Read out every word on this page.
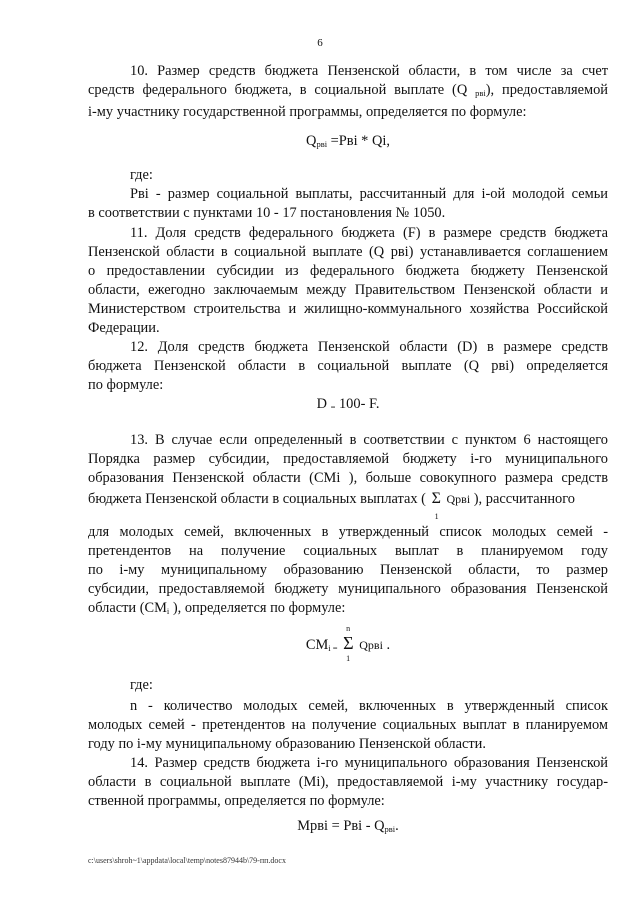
6

10. Размер средств бюджета Пензенской области, в том числе за счет

средств федерального бюджета, в социальной выплате (Q $_{рвi}$), предоставляемой

i-му участнику государственной программы, определяется по формуле:

$Q_{рвi} =Рвi * Qi$,

где:

Рвi - размер социальной выплаты, рассчитанный для i-ой молодой семьи

в соответствии с пунктами 10 - 17 постановления № 1050.

11. Доля средств федерального бюджета (F) в размере средств бюджета

Пензенской области в социальной выплате (Q рвi) устанавливается соглашением

о предоставлении субсидии из федерального бюджета бюджету Пензенской

области, ежегодно заключаемым между Правительством Пензенской области и

Министерством строительства и жилищно-коммунального хозяйства Российской

Федерации.

12. Доля средств бюджета Пензенской области (D) в размере средств

бюджета Пензенской области в социальной выплате (Q рвi) определяется

по формуле:

D $_=$ 100- F.

13. В случае если определенный в соответствии с пунктом 6 настоящего

Порядка размер субсидии, предоставляемой бюджету i-го муниципального

образования Пензенской области (СМi ), больше совокупного размера средств

бюджета Пензенской области в социальных выплатах ( Σ
1
Qрвi ), рассчитанного

для молодых семей, включенных в утвержденный список молодых семей -

претендентов на получение социальных выплат в планируемом году

по i-му муниципальному образованию Пензенской области, то размер

субсидии, предоставляемой бюджету муниципального образования Пензенской

области ($СМ_i$ ), определяется по формуле:

$СМ_{i =}$
n
Σ
1
Qрвi .

где:

n - количество молодых семей, включенных в утвержденный список

молодых семей - претендентов на получение социальных выплат в планируемом

году по i-му муниципальному образованию Пензенской области.

14. Размер средств бюджета i-го муниципального образования Пензенской

области в социальной выплате (Мi), предоставляемой i-му участнику государ-

ственной программы, определяется по формуле:

Мрвi = Рвi - $Q_{рвi}$.
c:\users\shroh~1\appdata\local\temp\notes87944b\79-пп.docx
